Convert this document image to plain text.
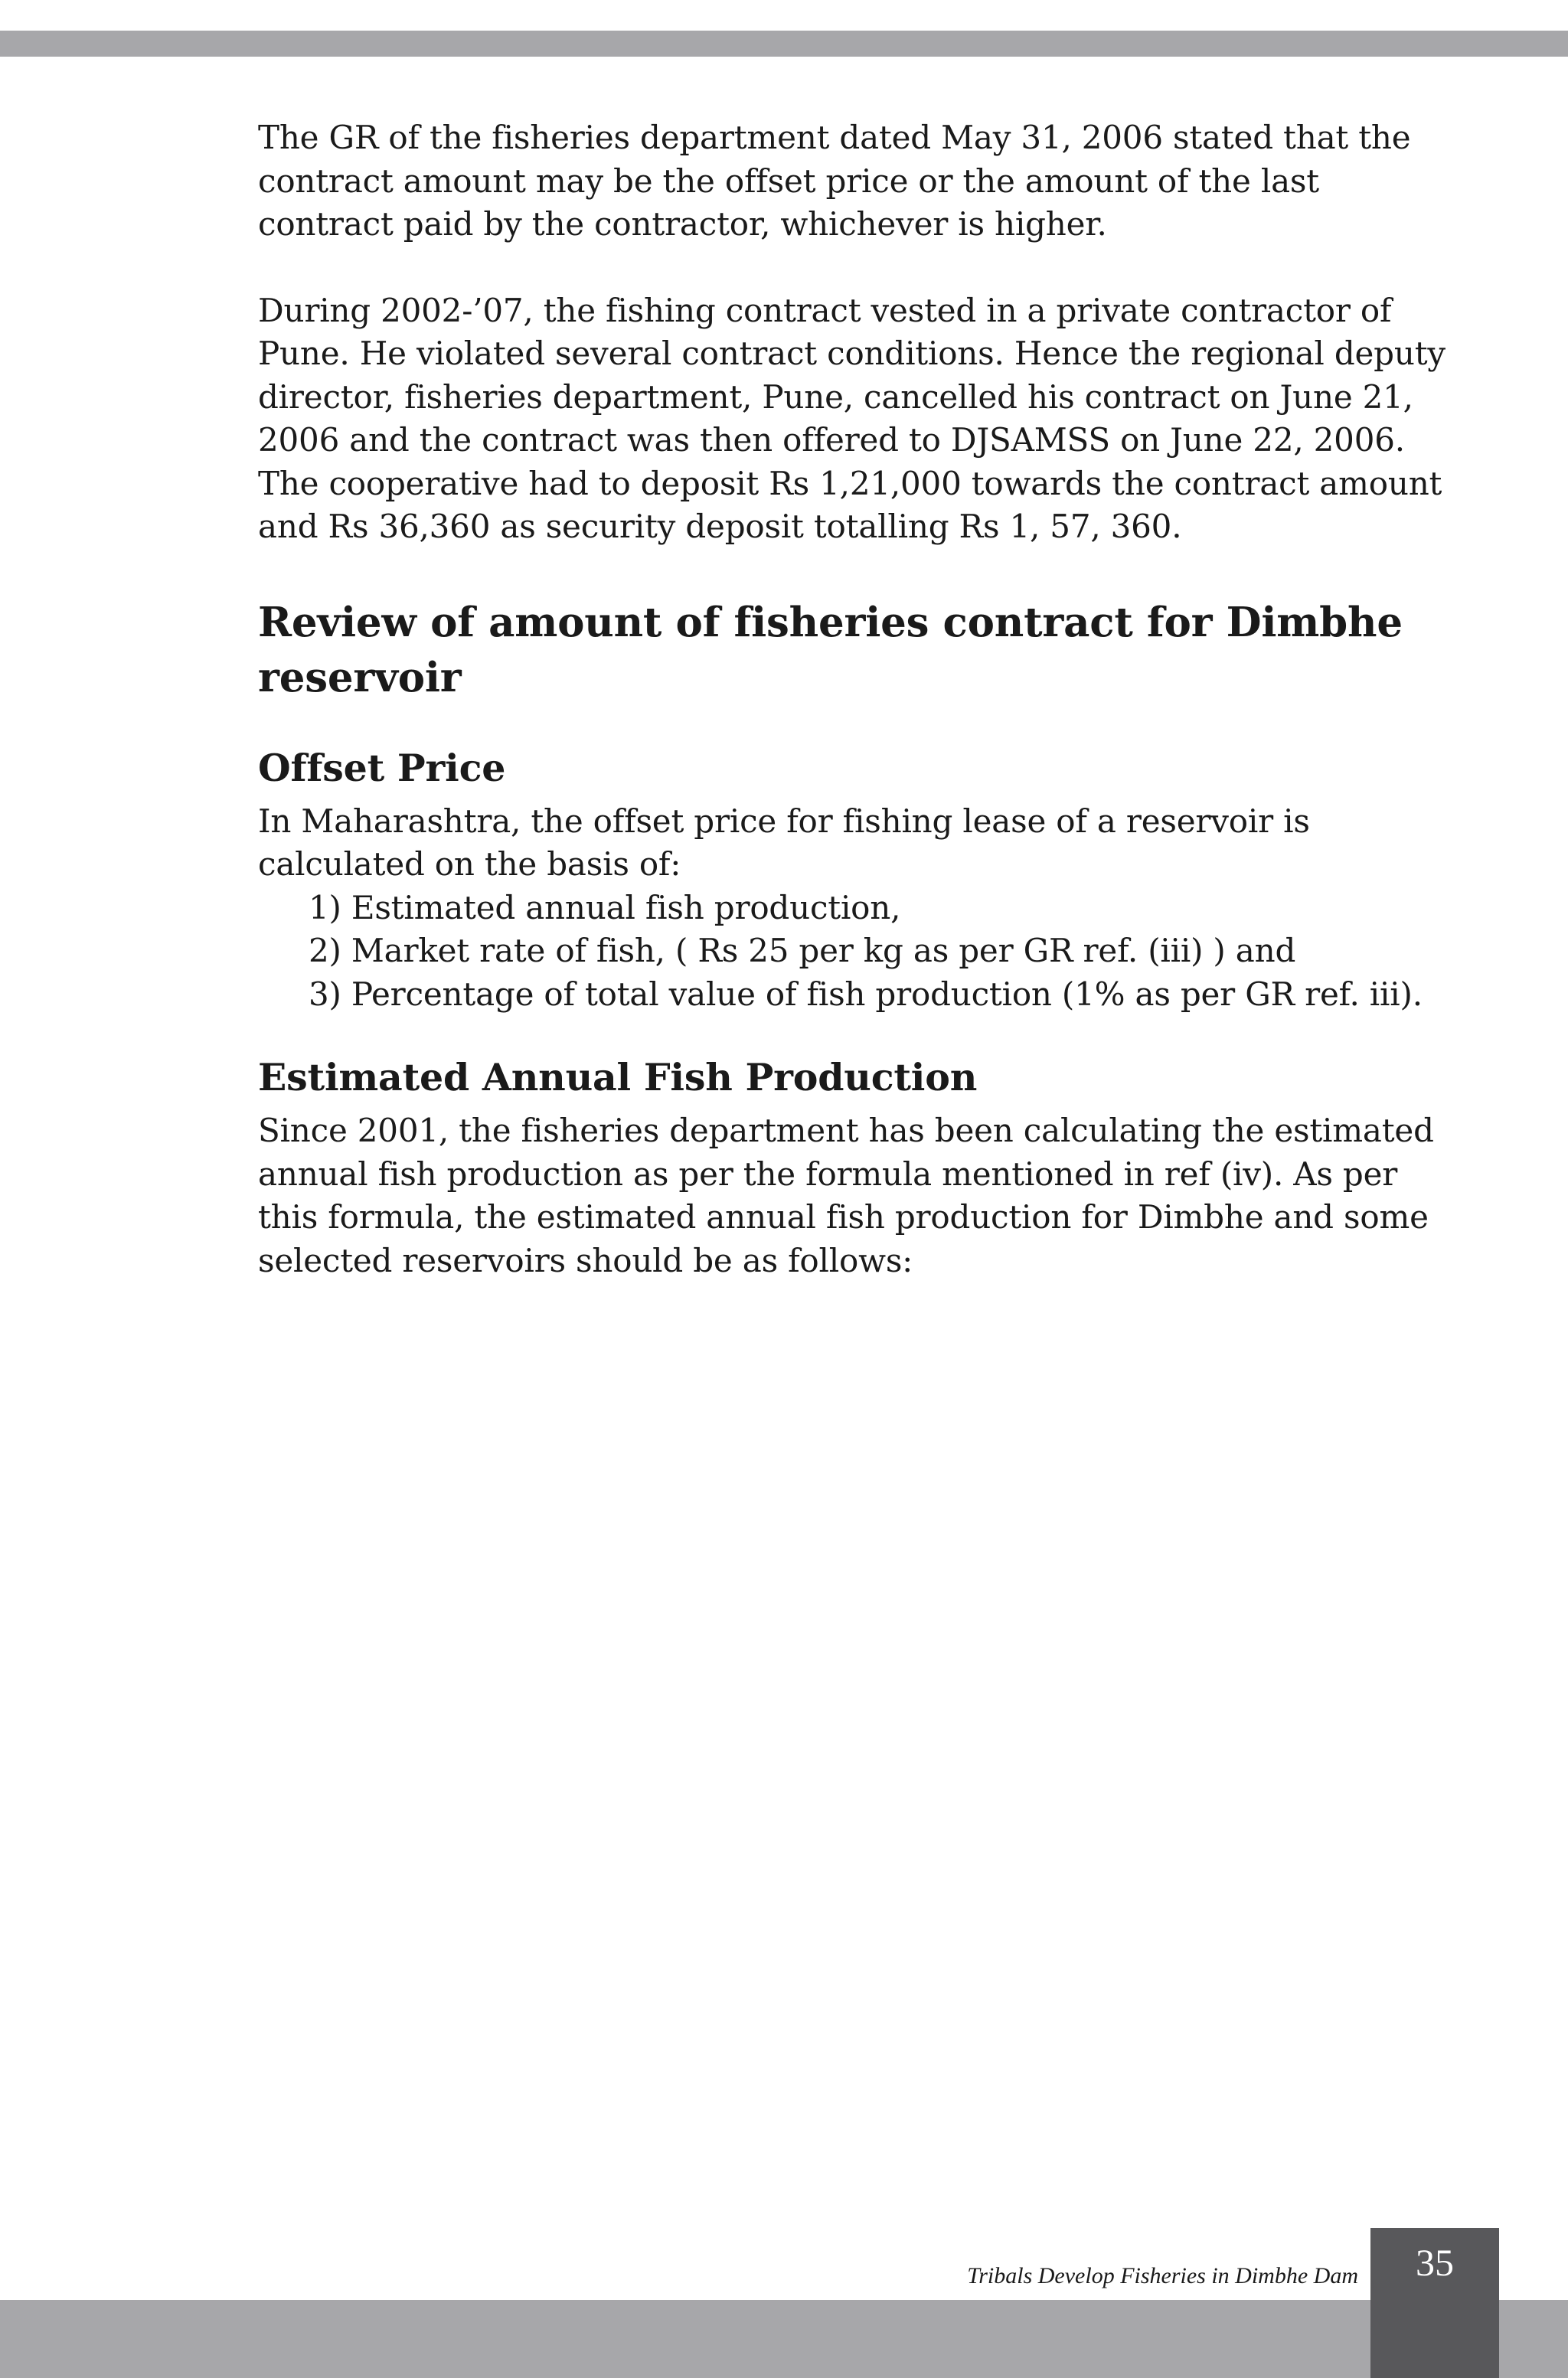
The GR of the fisheries department dated May 31, 2006 stated that the contract amount may be the offset price or the amount of the last contract paid by the contractor, whichever is higher.

During 2002-’07, the fishing contract vested in a private contractor of Pune. He violated several contract conditions. Hence the regional deputy director, fisheries department, Pune, cancelled his contract on June 21, 2006 and the contract was then offered to DJSAMSS on June 22, 2006. The cooperative had to deposit Rs 1,21,000 towards the contract amount and Rs 36,360 as security deposit totalling Rs 1, 57, 360.

Review of amount of fisheries contract for Dimbhe reservoir
Offset Price

In Maharashtra, the offset price for fishing lease of a reservoir is calculated on the basis of:

1) Estimated annual fish production,
2) Market rate of fish, ( Rs 25 per kg as per GR ref. (iii) ) and
3) Percentage of total value of fish production (1% as per GR ref. iii).
Estimated Annual Fish Production

Since 2001, the fisheries department has been calculating the estimated annual fish production as per the formula mentioned in ref (iv). As per this formula, the estimated annual fish production for Dimbhe and some selected reservoirs should be as follows:

35
Tribals Develop Fisheries in Dimbhe Dam
